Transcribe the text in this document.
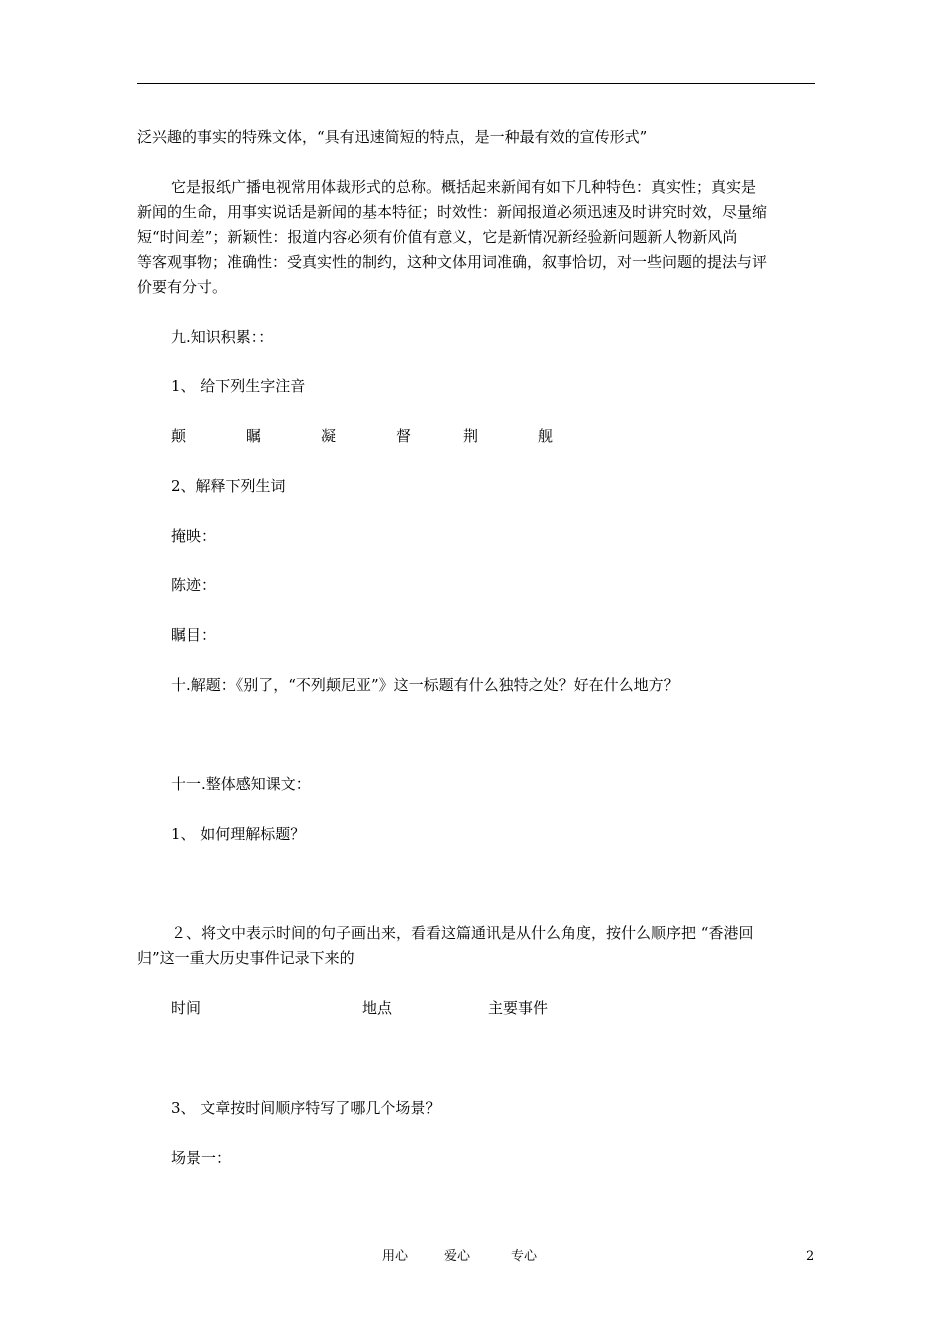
泛兴趣的事实的特殊文体，“具有迅速简短的特点，是一种最有效的宣传形式”
它是报纸广播电视常用体裁形式的总称。概括起来新闻有如下几种特色：真实性；真实是
新闻的生命，用事实说话是新闻的基本特征；时效性：新闻报道必须迅速及时讲究时效，尽量缩
短“时间差”；新颖性：报道内容必须有价值有意义，它是新情况新经验新问题新人物新风尚
等客观事物；准确性：受真实性的制约，这种文体用词准确，叙事恰切，对一些问题的提法与评
价要有分寸。
九.知识积累：：
1、 给下列生字注音
颠	瞩	凝	督	荆	舰
2、解释下列生词
掩映：
陈迹：
瞩目：
十.解题：《别了，“不列颠尼亚”》这一标题有什么独特之处？好在什么地方？
十一.整体感知课文：
1、 如何理解标题？
２、将文中表示时间的句子画出来，看看这篇通讯是从什么角度，按什么顺序把 “香港回
归”这一重大历史事件记录下来的
时间	地点	主要事件
3、 文章按时间顺序特写了哪几个场景？
场景一：
用心	爱心	专心	2
